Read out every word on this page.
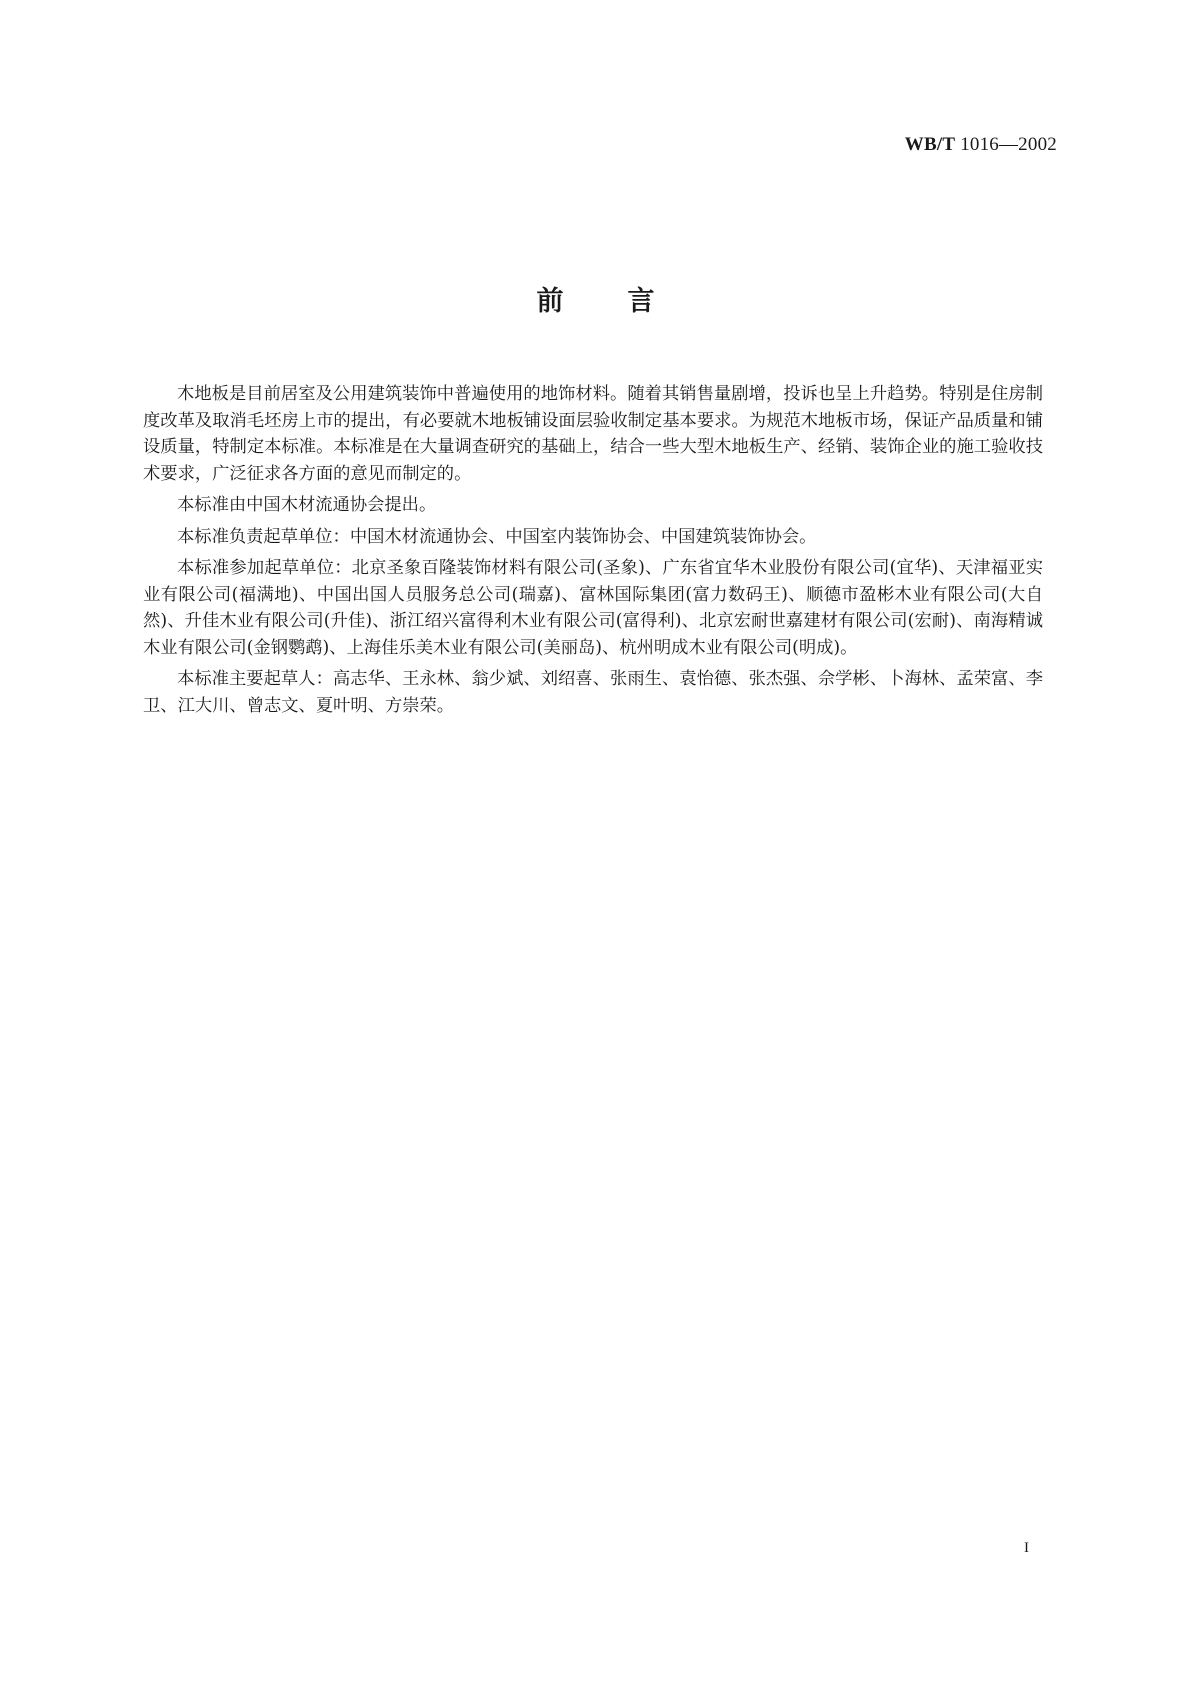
WB/T 1016—2002
前言

木地板是目前居室及公用建筑装饰中普遍使用的地饰材料。随着其销售量剧增，投诉也呈上升趋势。特别是住房制度改革及取消毛坯房上市的提出，有必要就木地板铺设面层验收制定基本要求。为规范木地板市场，保证产品质量和铺设质量，特制定本标准。本标准是在大量调查研究的基础上，结合一些大型木地板生产、经销、装饰企业的施工验收技术要求，广泛征求各方面的意见而制定的。

本标准由中国木材流通协会提出。

本标准负责起草单位：中国木材流通协会、中国室内装饰协会、中国建筑装饰协会。

本标准参加起草单位：北京圣象百隆装饰材料有限公司(圣象)、广东省宜华木业股份有限公司(宜华)、天津福亚实业有限公司(福满地)、中国出国人员服务总公司(瑞嘉)、富林国际集团(富力数码王)、顺德市盈彬木业有限公司(大自然)、升佳木业有限公司(升佳)、浙江绍兴富得利木业有限公司(富得利)、北京宏耐世嘉建材有限公司(宏耐)、南海精诚木业有限公司(金钢鹦鹉)、上海佳乐美木业有限公司(美丽岛)、杭州明成木业有限公司(明成)。

本标准主要起草人：高志华、王永林、翁少斌、刘绍喜、张雨生、袁怡德、张杰强、佘学彬、卜海林、孟荣富、李卫、江大川、曾志文、夏叶明、方崇荣。

I
